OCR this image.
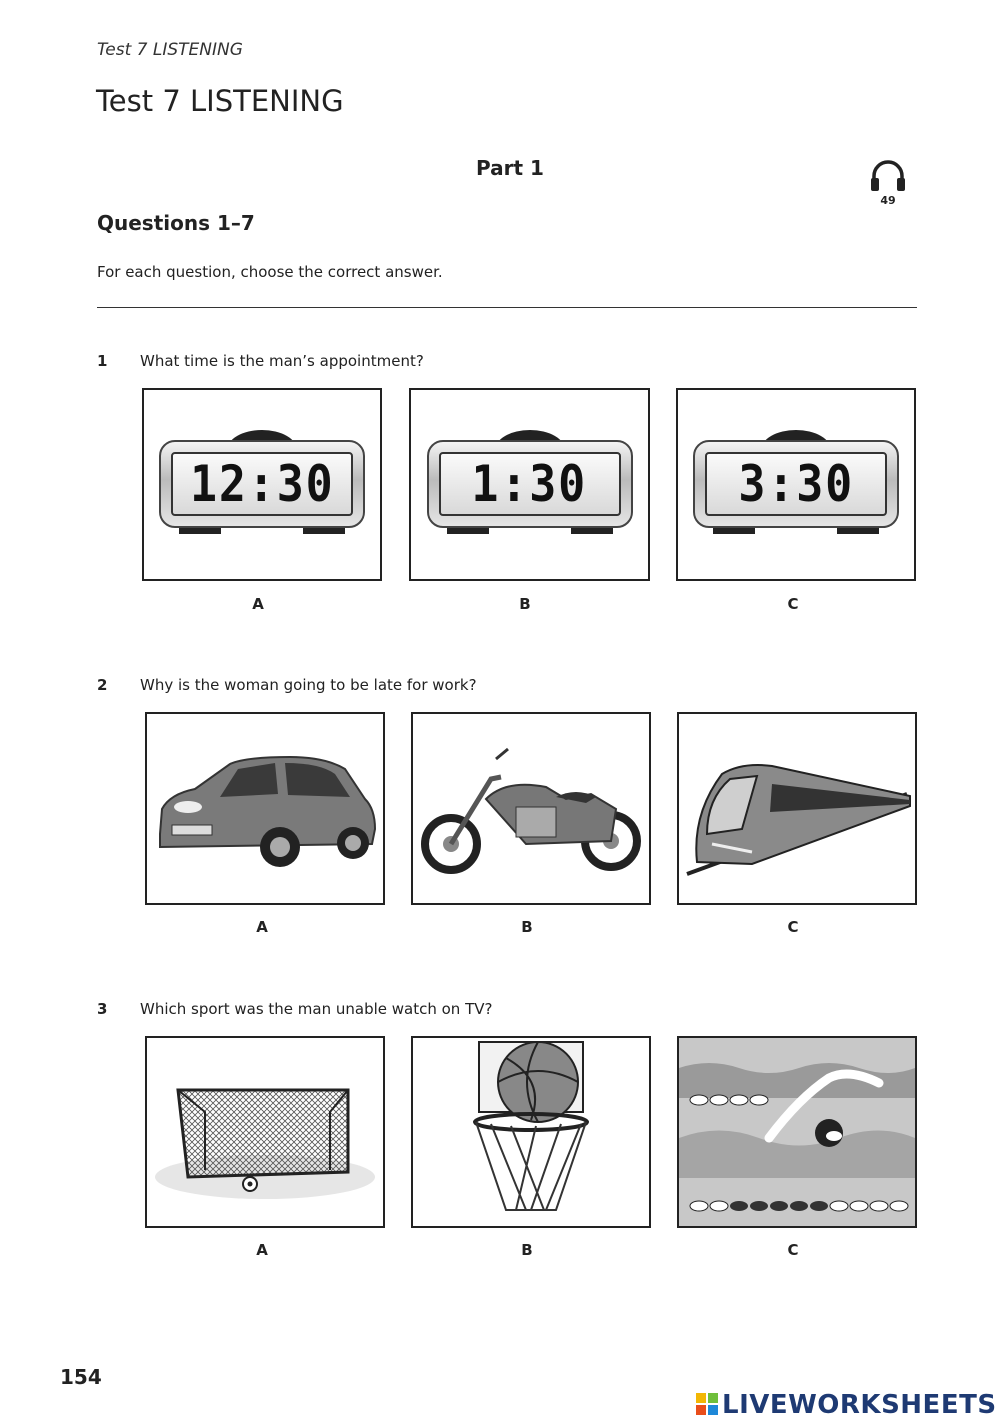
Test 7 LISTENING
Test 7 LISTENING
Part 1
49
Questions 1–7
For each question, choose the correct answer.
1 What time is the man’s appointment?
12:30	1:30	3:30
A	B	C
2 Why is the woman going to be late for work?
A	B	C
3 Which sport was the man unable watch on TV?
A	B	C
154
LIVEWORKSHEETS
